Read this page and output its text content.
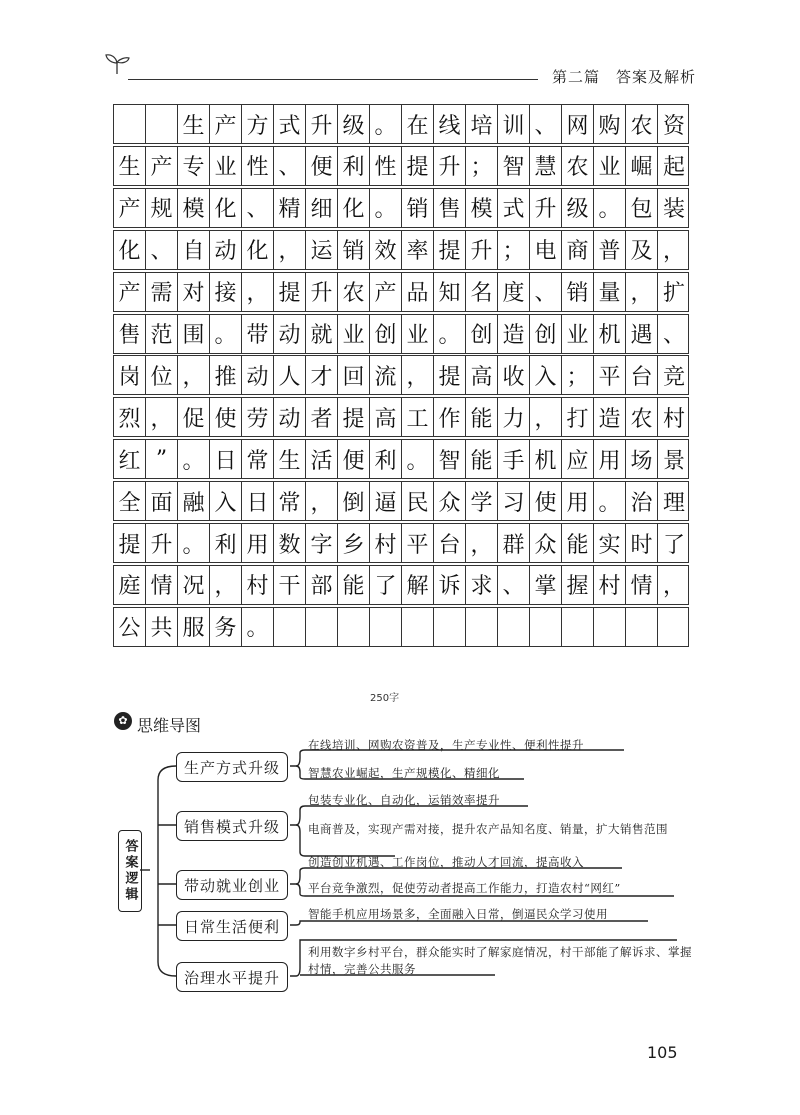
第二篇　答案及解析

生 产 方 式 升 级 。 在 线 培 训 、 网 购 农 资
生 产 专 业 性 、 便 利 性 提 升 ； 智 慧 农 业 崛 起
产 规 模 化 、 精 细 化 。 销 售 模 式 升 级 。 包 装
化 、 自 动 化 ， 运 销 效 率 提 升 ； 电 商 普 及 ，
产 需 对 接 ， 提 升 农 产 品 知 名 度 、 销 量 ， 扩
售 范 围 。 带 动 就 业 创 业 。 创 造 创 业 机 遇 、
岗 位 ， 推 动 人 才 回 流 ， 提 高 收 入 ； 平 台 竞
烈 ， 促 使 劳 动 者 提 高 工 作 能 力 ， 打 造 农 村
红 ” 。 日 常 生 活 便 利 。 智 能 手 机 应 用 场 景
全 面 融 入 日 常 ， 倒 逼 民 众 学 习 使 用 。 治 理
提 升 。 利 用 数 字 乡 村 平 台 ， 群 众 能 实 时 了
庭 情 况 ， 村 干 部 能 了 解 诉 求 、 掌 握 村 情 ，
公 共 服 务 。
250字
✿ 思维导图
答案逻辑
生产方式升级
销售模式升级
带动就业创业
日常生活便利
治理水平提升
在线培训、网购农资普及，生产专业性、便利性提升
智慧农业崛起，生产规模化、精细化
包装专业化、自动化，运销效率提升
电商普及，实现产需对接，提升农产品知名度、销量，扩大销售范围
创造创业机遇、工作岗位，推动人才回流，提高收入
平台竞争激烈，促使劳动者提高工作能力，打造农村“网红”
智能手机应用场景多，全面融入日常，倒逼民众学习使用
利用数字乡村平台，群众能实时了解家庭情况，村干部能了解诉求、掌握村情，完善公共服务
105
